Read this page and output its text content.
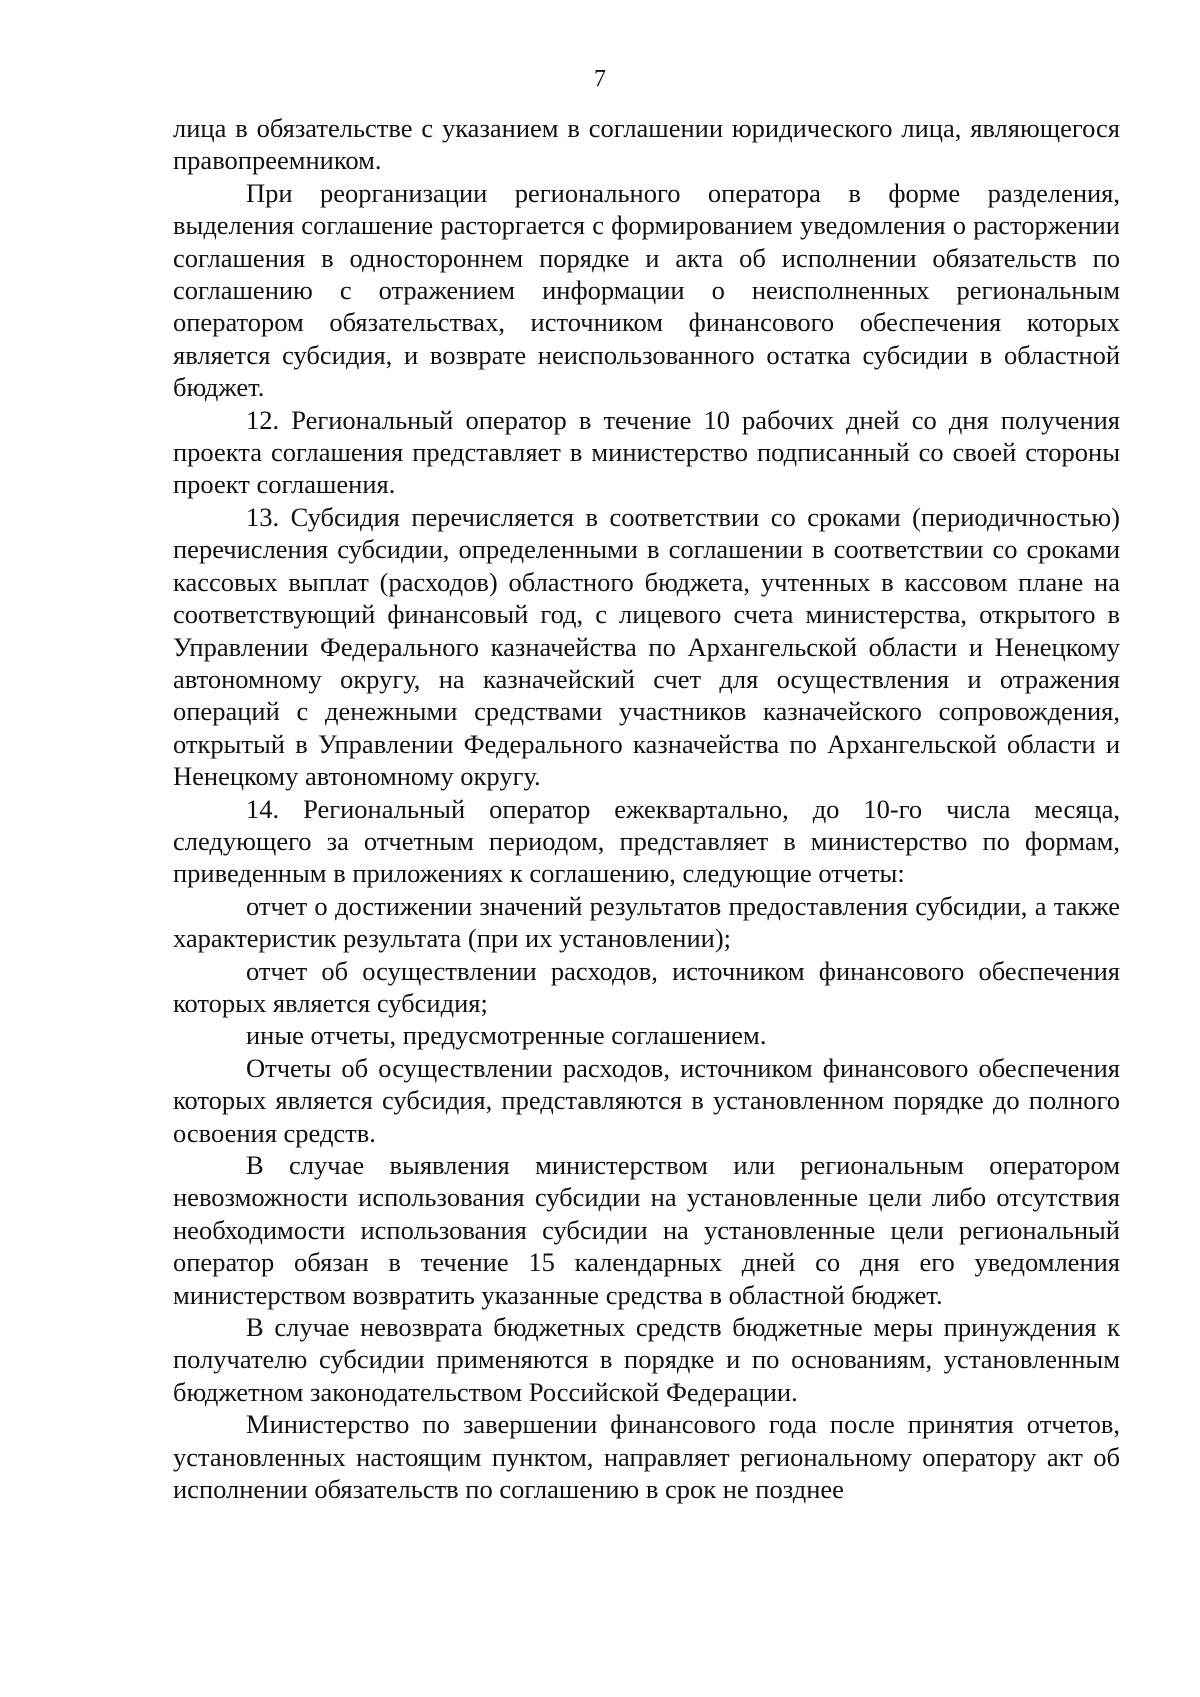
7

лица в обязательстве с указанием в соглашении юридического лица, являющегося правопреемником.

При реорганизации регионального оператора в форме разделения, выделения соглашение расторгается с формированием уведомления о расторжении соглашения в одностороннем порядке и акта об исполнении обязательств по соглашению с отражением информации о неисполненных региональным оператором обязательствах, источником финансового обеспечения которых является субсидия, и возврате неиспользованного остатка субсидии в областной бюджет.

12. Региональный оператор в течение 10 рабочих дней со дня получения проекта соглашения представляет в министерство подписанный со своей стороны проект соглашения.

13. Субсидия перечисляется в соответствии со сроками (периодичностью) перечисления субсидии, определенными в соглашении в соответствии со сроками кассовых выплат (расходов) областного бюджета, учтенных в кассовом плане на соответствующий финансовый год, с лицевого счета министерства, открытого в Управлении Федерального казначейства по Архангельской области и Ненецкому автономному округу, на казначейский счет для осуществления и отражения операций с денежными средствами участников казначейского сопровождения, открытый в Управлении Федерального казначейства по Архангельской области и Ненецкому автономному округу.

14. Региональный оператор ежеквартально, до 10-го числа месяца, следующего за отчетным периодом, представляет в министерство по формам, приведенным в приложениях к соглашению, следующие отчеты:

отчет о достижении значений результатов предоставления субсидии, а также характеристик результата (при их установлении);

отчет об осуществлении расходов, источником финансового обеспечения которых является субсидия;

иные отчеты, предусмотренные соглашением.

Отчеты об осуществлении расходов, источником финансового обеспечения которых является субсидия, представляются в установленном порядке до полного освоения средств.

В случае выявления министерством или региональным оператором невозможности использования субсидии на установленные цели либо отсутствия необходимости использования субсидии на установленные цели региональный оператор обязан в течение 15 календарных дней со дня его уведомления министерством возвратить указанные средства в областной бюджет.

В случае невозврата бюджетных средств бюджетные меры принуждения к получателю субсидии применяются в порядке и по основаниям, установленным бюджетном законодательством Российской Федерации.

Министерство по завершении финансового года после принятия отчетов, установленных настоящим пунктом, направляет региональному оператору акт об исполнении обязательств по соглашению в срок не позднее
